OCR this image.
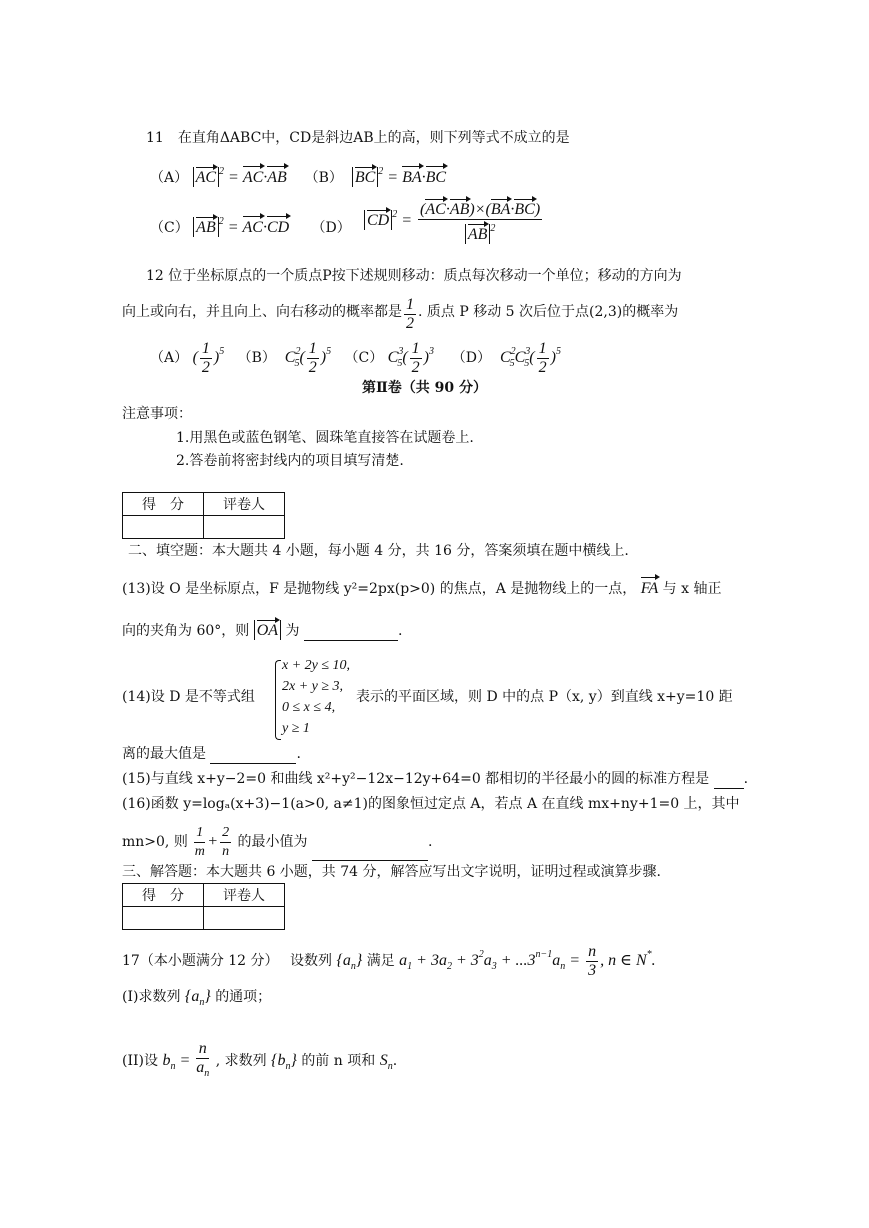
11　在直角ΔABC中，CD是斜边AB上的高，则下列等式不成立的是
（A） AC $^2$ = AC·AB （B） BC $^2$ = BA·BC
（C） AB $^2$ = AC·CD （D） CD $^2 = \frac{(AC\cdot AB)\times(BA\cdot BC)}{AB ^2}$
12 位于坐标原点的一个质点P按下述规则移动：质点每次移动一个单位；移动的方向为
向上或向右，并且向上、向右移动的概率都是 $\frac{1}{2}$ . 质点 P 移动 5 次后位于点(2,3)的概率为
（A） ( $\frac{1}{2} )^5$ （B） $C^2_5( \frac{1}{2} )^5$ （C） $C^3_5( \frac{1}{2} )^3$ （D） $C^2_5C^3_5( \frac{1}{2} )^5$
第Ⅱ卷（共 90 分）
注意事项：
1.用黑色或蓝色钢笔、圆珠笔直接答在试题卷上.
2.答卷前将密封线内的项目填写清楚.
得　分	评卷人

二、填空题：本大题共 4 小题，每小题 4 分，共 16 分，答案须填在题中横线上.
(13)设 O 是坐标原点，F 是抛物线 y²=2px(p>0) 的焦点，A 是抛物线上的一点， FA 与 x 轴正
向的夹角为 60°，则 OA 为	.
(14)设 D 是不等式组
x + 2y ≤ 10,
2x + y ≥ 3,
0 ≤ x ≤ 4,
y ≥ 1
表示的平面区域，则 D 中的点 P（x, y）到直线 x+y=10 距
离的最大值是	.
(15)与直线 x+y−2=0 和曲线 x²+y²−12x−12y+64=0 都相切的半径最小的圆的标准方程是 .
(16)函数 y=logₐ(x+3)−1(a>0, a≠1)的图象恒过定点 A，若点 A 在直线 mx+ny+1=0 上，其中
mn>0, 则 $\frac{1}{m} + \frac{2}{n}$ 的最小值为	.
三、解答题：本大题共 6 小题，共 74 分，解答应写出文字说明，证明过程或演算步骤.
得　分	评卷人

17（本小题满分 12 分）　 设数列 $\{a_n\}$ 满足 $a_1 + 3a_2 + 3^2a_3 + ...3^{n-1}a_n = \frac{n}{3}$ , n ∈ N*.
(I)求数列 $\{a_n\}$ 的通项；
(II)设 $b_n = \frac{n}{a_n}$ , 求数列 $\{b_n\}$ 的前 n 项和 $S_n$.
